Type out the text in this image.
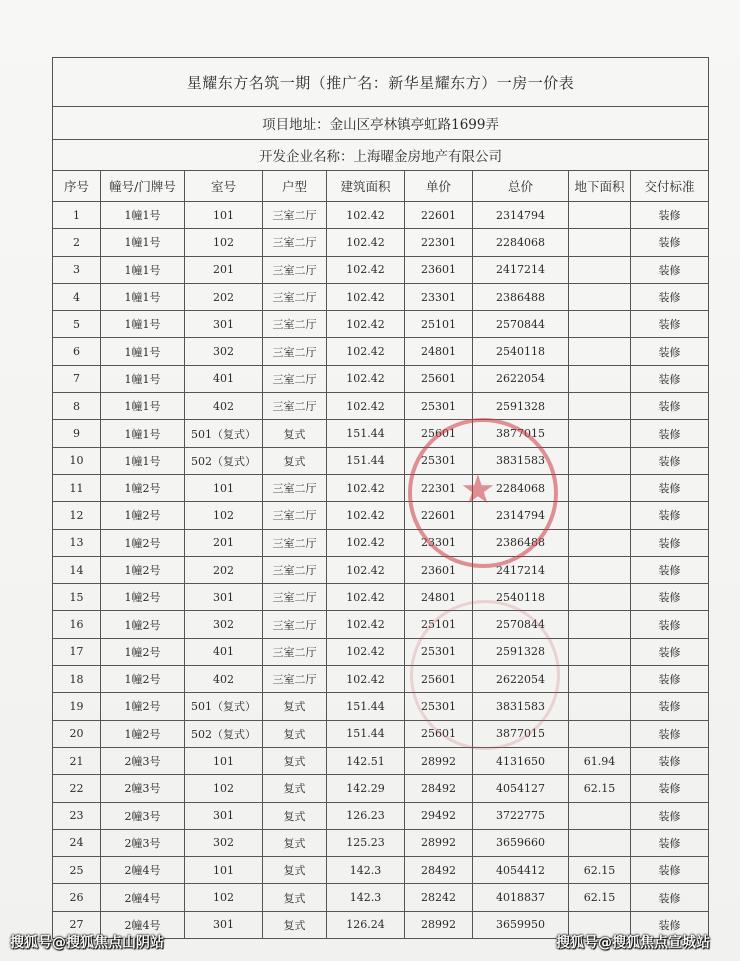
星耀东方名筑一期（推广名：新华星耀东方）一房一价表								
项目地址：金山区亭林镇亭虹路1699弄								
开发企业名称：上海曜金房地产有限公司								
序号	幢号/门牌号	室号	户型	建筑面积	单价	总价	地下面积	交付标准
1	1幢1号	101	三室二厅	102.42	22601	2314794		装修
2	1幢1号	102	三室二厅	102.42	22301	2284068		装修
3	1幢1号	201	三室二厅	102.42	23601	2417214		装修
4	1幢1号	202	三室二厅	102.42	23301	2386488		装修
5	1幢1号	301	三室二厅	102.42	25101	2570844		装修
6	1幢1号	302	三室二厅	102.42	24801	2540118		装修
7	1幢1号	401	三室二厅	102.42	25601	2622054		装修
8	1幢1号	402	三室二厅	102.42	25301	2591328		装修
9	1幢1号	501（复式）	复式	151.44	25601	3877015		装修
10	1幢1号	502（复式）	复式	151.44	25301	3831583		装修
11	1幢2号	101	三室二厅	102.42	22301	2284068		装修
12	1幢2号	102	三室二厅	102.42	22601	2314794		装修
13	1幢2号	201	三室二厅	102.42	23301	2386488		装修
14	1幢2号	202	三室二厅	102.42	23601	2417214		装修
15	1幢2号	301	三室二厅	102.42	24801	2540118		装修
16	1幢2号	302	三室二厅	102.42	25101	2570844		装修
17	1幢2号	401	三室二厅	102.42	25301	2591328		装修
18	1幢2号	402	三室二厅	102.42	25601	2622054		装修
19	1幢2号	501（复式）	复式	151.44	25301	3831583		装修
20	1幢2号	502（复式）	复式	151.44	25601	3877015		装修
21	2幢3号	101	复式	142.51	28992	4131650	61.94	装修
22	2幢3号	102	复式	142.29	28492	4054127	62.15	装修
23	2幢3号	301	复式	126.23	29492	3722775		装修
24	2幢3号	302	复式	125.23	28992	3659660		装修
25	2幢4号	101	复式	142.3	28492	4054412	62.15	装修
26	2幢4号	102	复式	142.3	28242	4018837	62.15	装修
27	2幢4号	301	复式	126.24	28992	3659950		装修
★
搜狐号@搜狐焦点山阴站	搜狐号@搜狐焦点宣城站
